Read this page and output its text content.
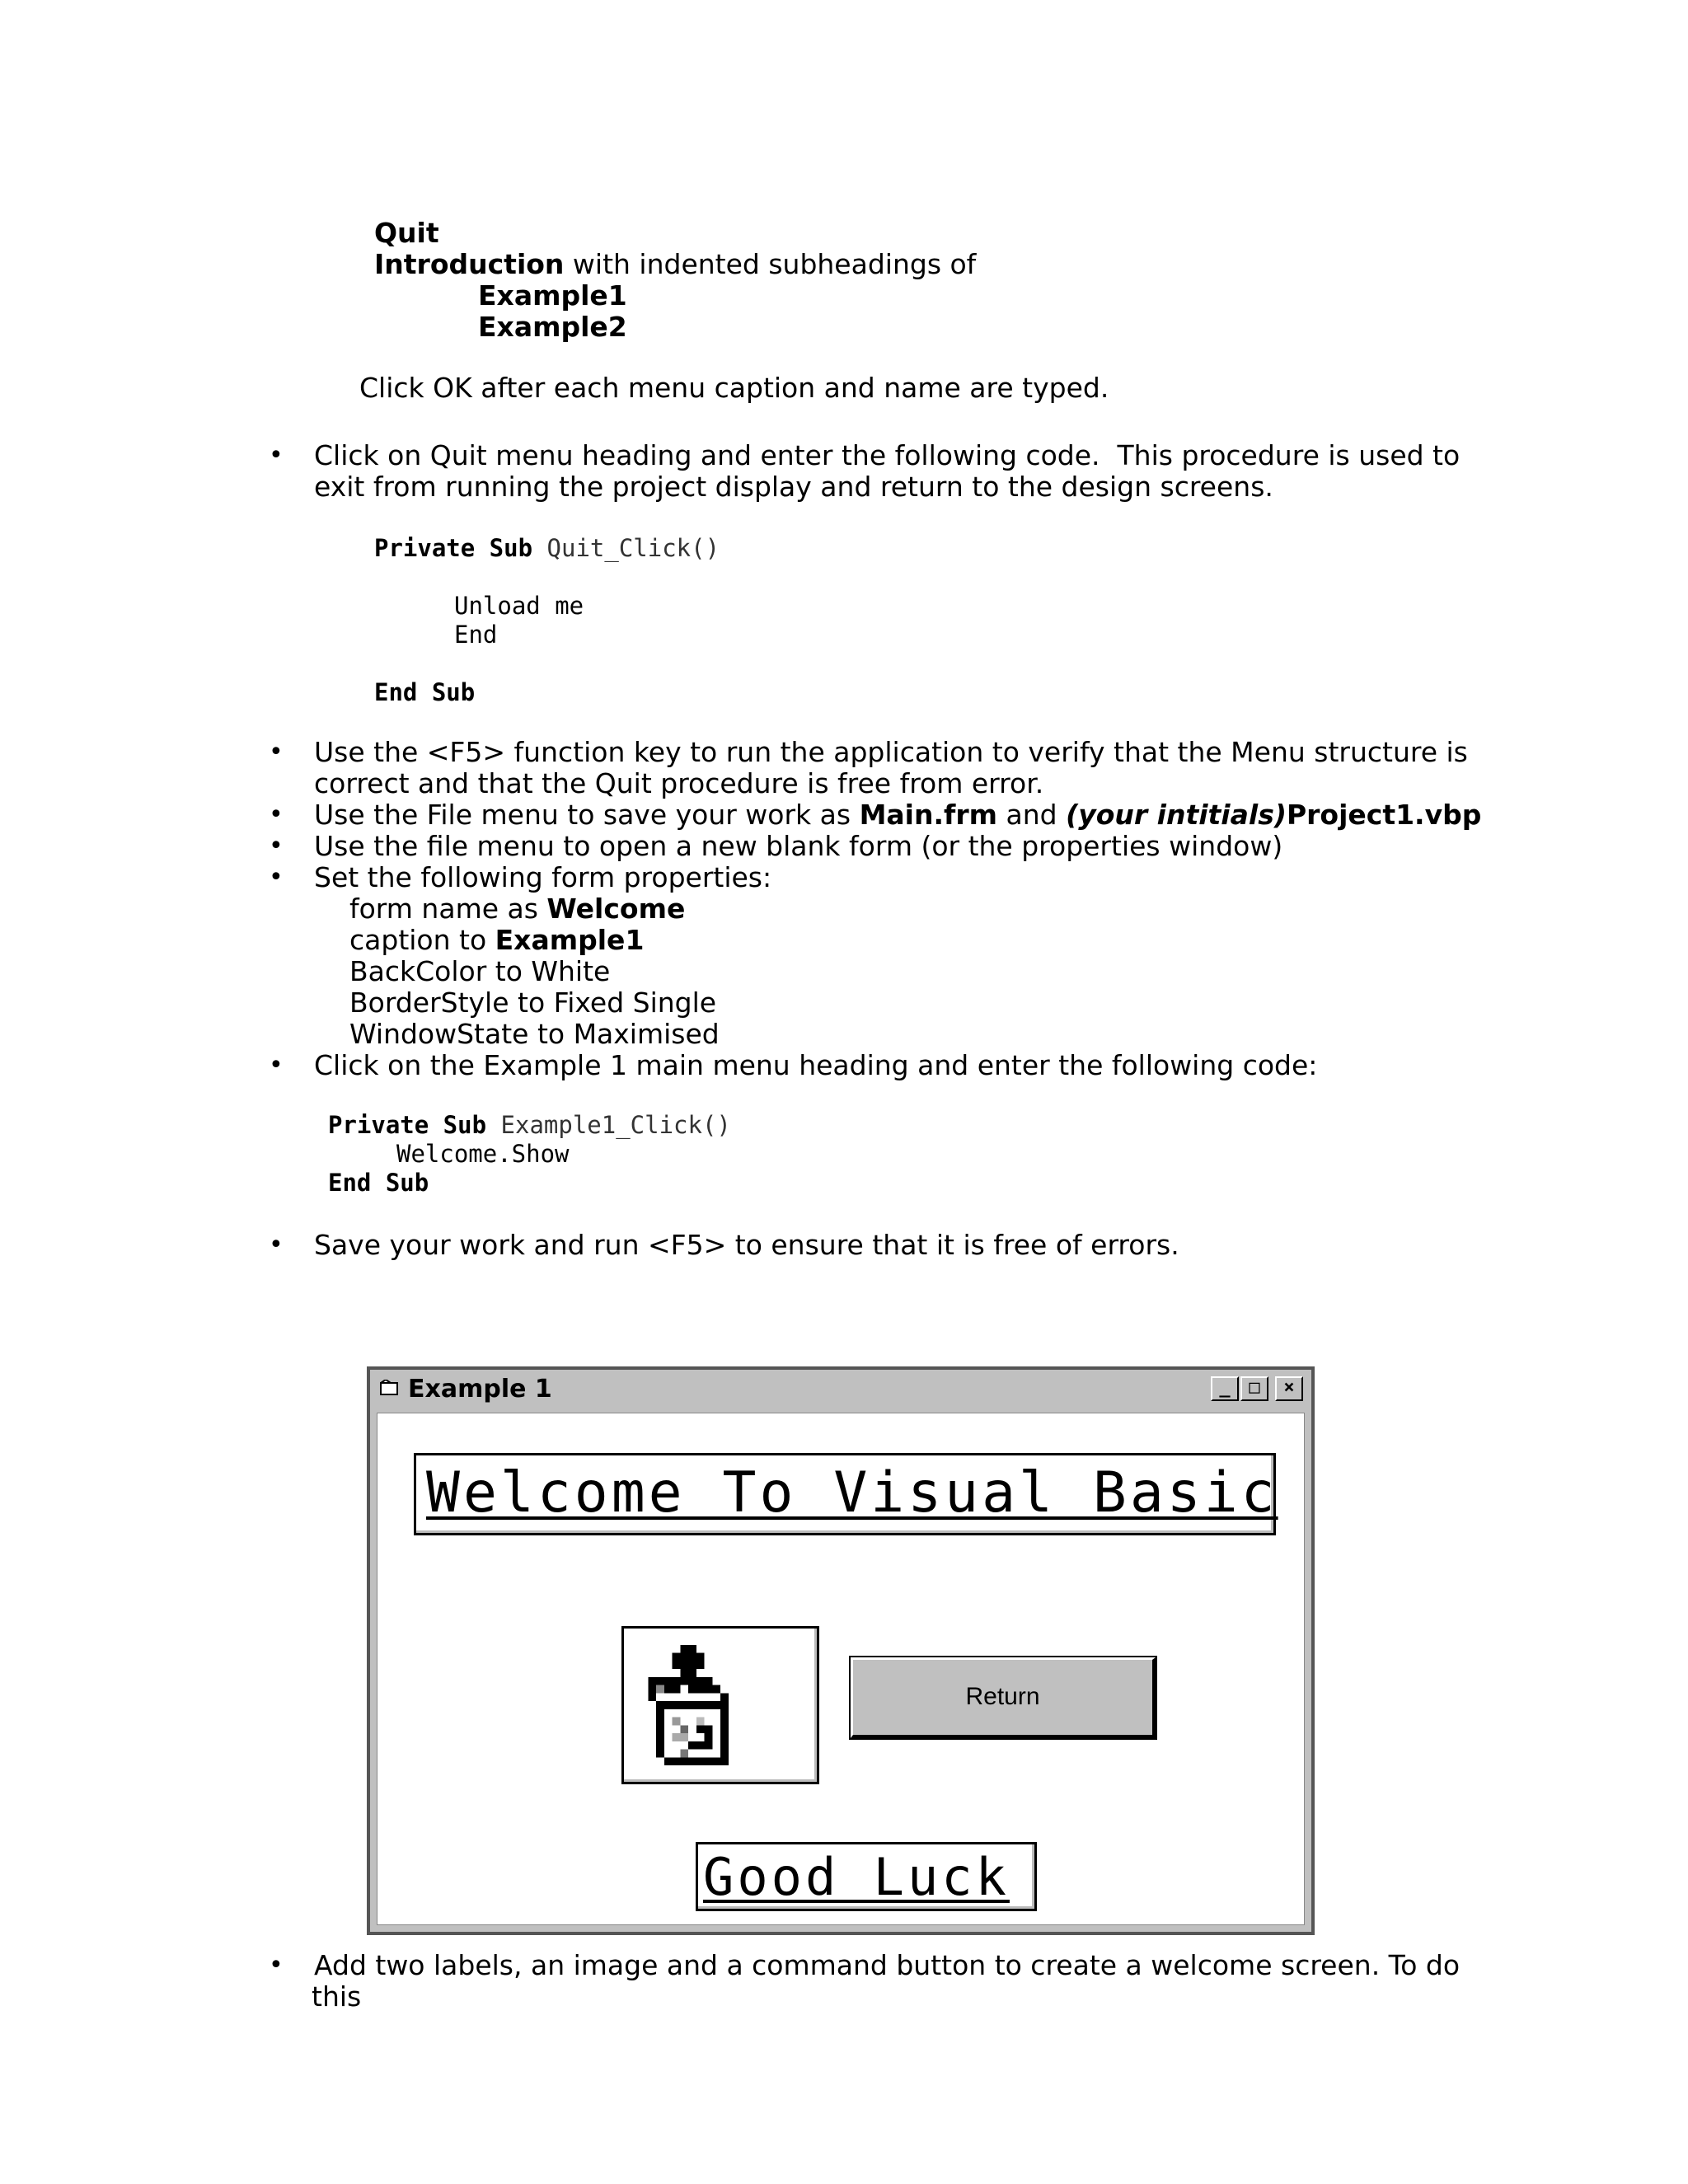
Quit
Introduction with indented subheadings of
Example1
Example2
Click OK after each menu caption and name are typed.
• Click on Quit menu heading and enter the following code.  This procedure is used to
exit from running the project display and return to the design screens.
Private Sub Quit_Click()
Unload me
End
End Sub
• Use the <F5> function key to run the application to verify that the Menu structure is
correct and that the Quit procedure is free from error.
• Use the File menu to save your work as Main.frm and (your intitials)Project1.vbp
• Use the file menu to open a new blank form (or the properties window)
• Set the following form properties:
form name as Welcome
caption to Example1
BackColor to White
BorderStyle to Fixed Single
WindowState to Maximised
• Click on the Example 1 main menu heading and enter the following code:
Private Sub Example1_Click()
Welcome.Show
End Sub
• Save your work and run <F5> to ensure that it is free of errors.
Example 1	_	□	×
Welcome To Visual Basic
Return
Good Luck
• Add two labels, an image and a command button to create a welcome screen. To do
this
